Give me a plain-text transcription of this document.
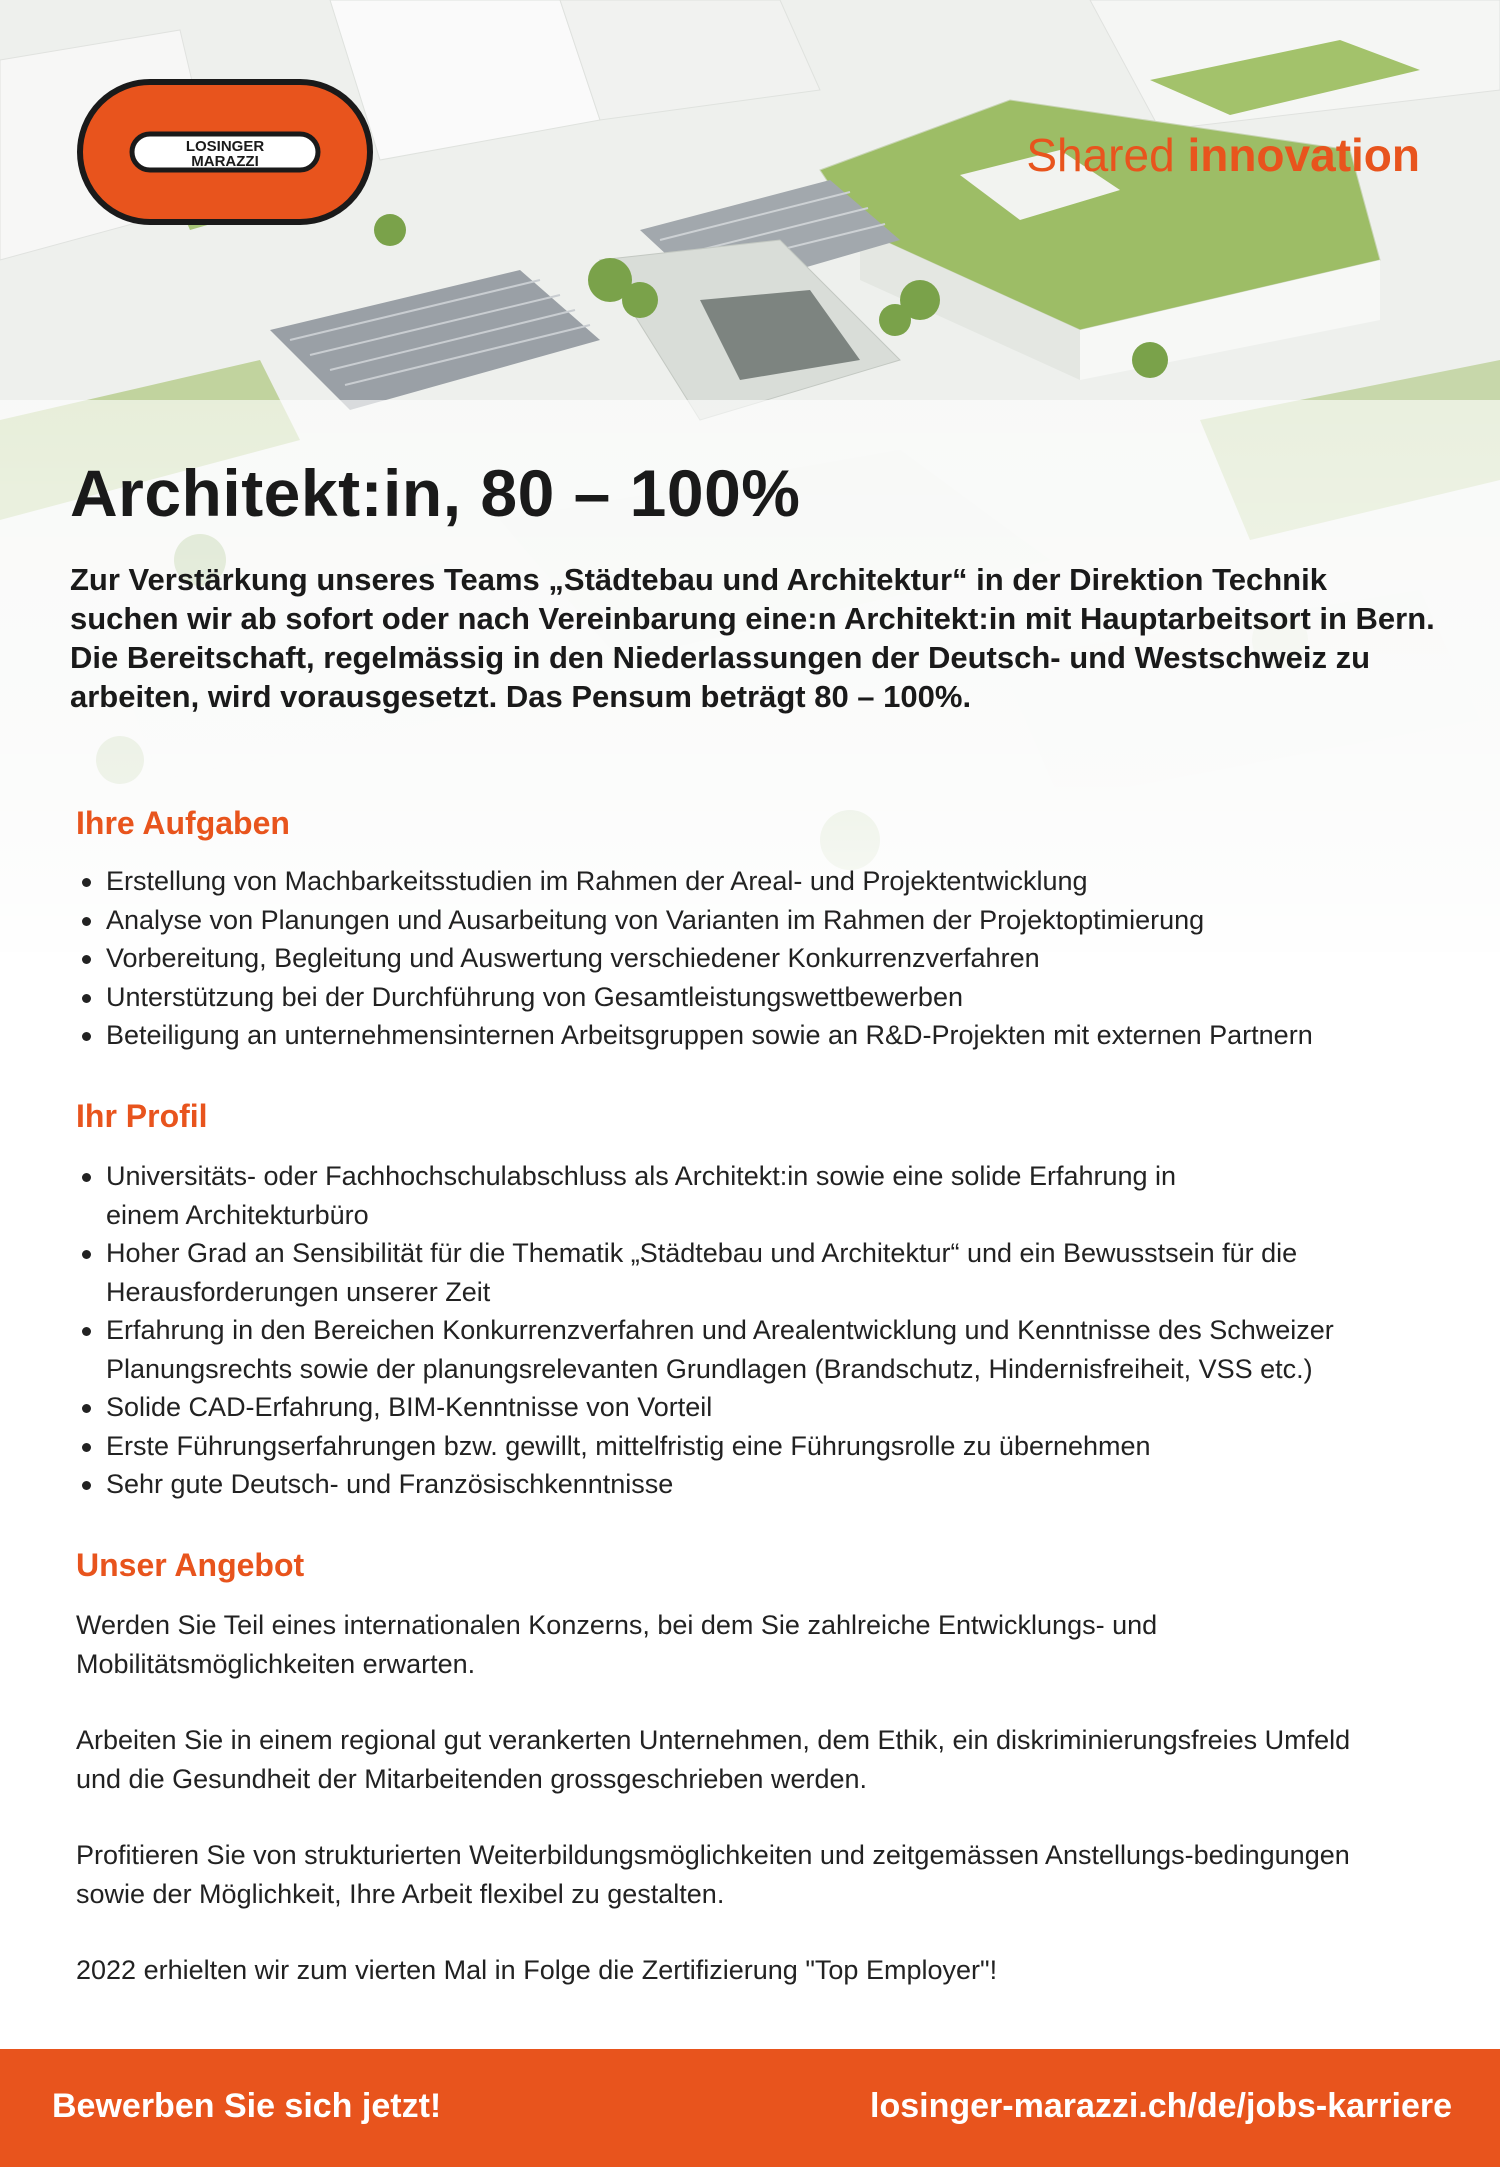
LOSINGER
MARAZZI	Shared innovation
Architekt:in, 80 – 100%

Zur Verstärkung unseres Teams „Städtebau und Architektur“ in der Direktion Technik suchen wir ab sofort oder nach Vereinbarung eine:n Architekt:in mit Hauptarbeitsort in Bern. Die Bereitschaft, regelmässig in den Niederlassungen der Deutsch- und Westschweiz zu arbeiten, wird vorausgesetzt. Das Pensum beträgt 80 – 100%.

Ihre Aufgaben
Erstellung von Machbarkeitsstudien im Rahmen der Areal- und Projektentwicklung
Analyse von Planungen und Ausarbeitung von Varianten im Rahmen der Projektoptimierung
Vorbereitung, Begleitung und Auswertung verschiedener Konkurrenzverfahren
Unterstützung bei der Durchführung von Gesamtleistungswettbewerben
Beteiligung an unternehmensinternen Arbeitsgruppen sowie an R&D-Projekten mit externen Partnern
Ihr Profil
Universitäts- oder Fachhochschulabschluss als Architekt:in sowie eine solide Erfahrung in einem Architekturbüro
Hoher Grad an Sensibilität für die Thematik „Städtebau und Architektur“ und ein Bewusstsein für die Herausforderungen unserer Zeit
Erfahrung in den Bereichen Konkurrenzverfahren und Arealentwicklung und Kenntnisse des Schweizer Planungsrechts sowie der planungsrelevanten Grundlagen (Brandschutz, Hindernisfreiheit, VSS etc.)
Solide CAD-Erfahrung, BIM-Kenntnisse von Vorteil
Erste Führungserfahrungen bzw. gewillt, mittelfristig eine Führungsrolle zu übernehmen
Sehr gute Deutsch- und Französischkenntnisse
Unser Angebot

Werden Sie Teil eines internationalen Konzerns, bei dem Sie zahlreiche Entwicklungs- und Mobilitätsmöglichkeiten erwarten.

Arbeiten Sie in einem regional gut verankerten Unternehmen, dem Ethik, ein diskriminierungsfreies Umfeld und die Gesundheit der Mitarbeitenden grossgeschrieben werden.

Profitieren Sie von strukturierten Weiterbildungsmöglichkeiten und zeitgemässen Anstellungs-bedingungen sowie der Möglichkeit, Ihre Arbeit flexibel zu gestalten.

2022 erhielten wir zum vierten Mal in Folge die Zertifizierung "Top Employer"!

Bewerben Sie sich jetzt!	losinger-marazzi.ch/de/jobs-karriere
